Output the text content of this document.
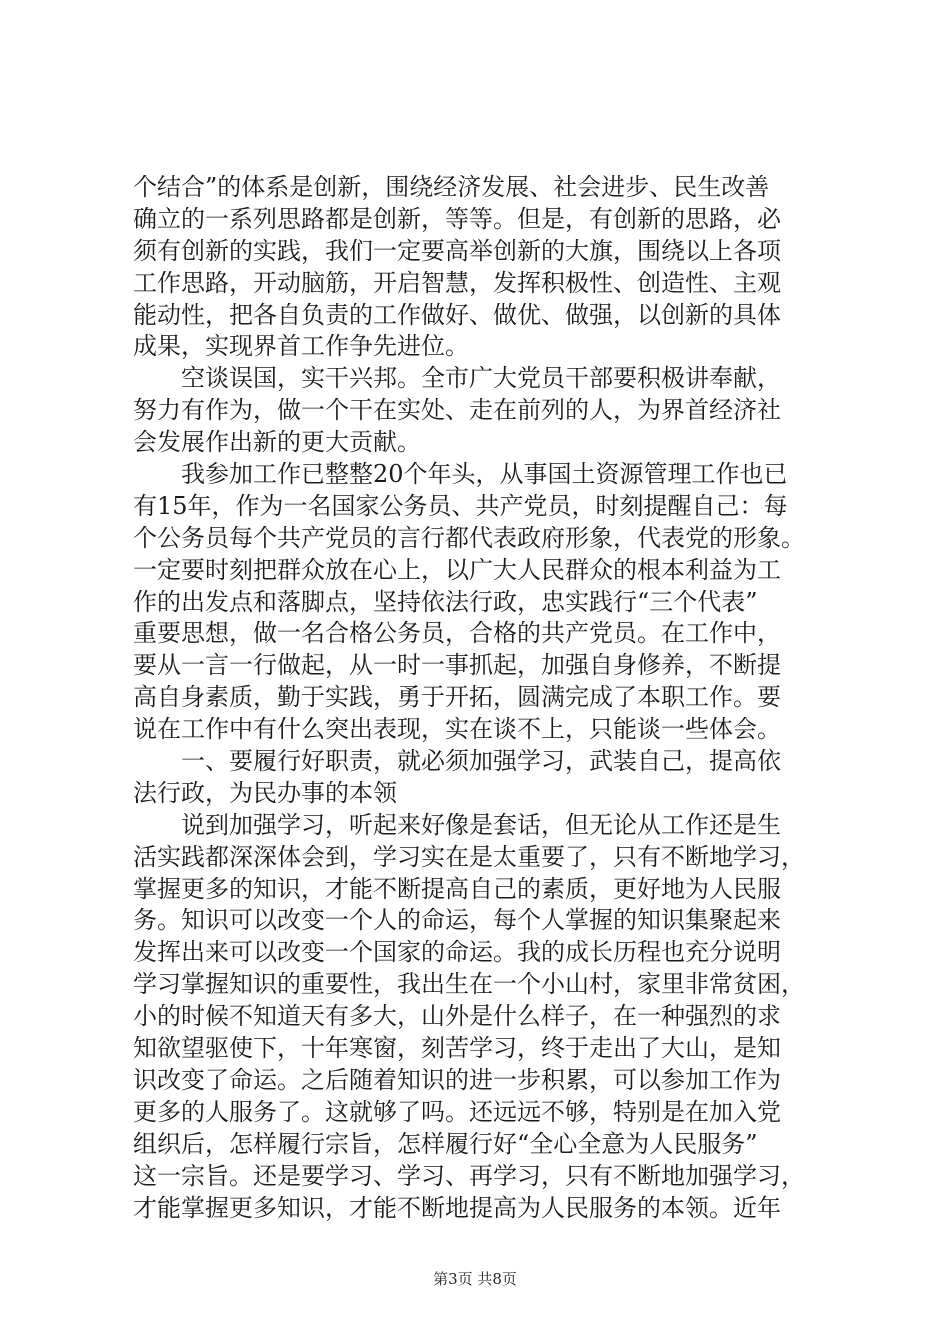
个结合”的体系是创新，围绕经济发展、社会进步、民生改善
确立的一系列思路都是创新，等等。但是，有创新的思路，必
须有创新的实践，我们一定要高举创新的大旗，围绕以上各项
工作思路，开动脑筋，开启智慧，发挥积极性、创造性、主观
能动性，把各自负责的工作做好、做优、做强，以创新的具体
成果，实现界首工作争先进位。
　　空谈误国，实干兴邦。全市广大党员干部要积极讲奉献，
努力有作为，做一个干在实处、走在前列的人，为界首经济社
会发展作出新的更大贡献。
　　我参加工作已整整20个年头，从事国土资源管理工作也已
有15年，作为一名国家公务员、共产党员，时刻提醒自己：每
个公务员每个共产党员的言行都代表政府形象，代表党的形象。
一定要时刻把群众放在心上，以广大人民群众的根本利益为工
作的出发点和落脚点，坚持依法行政，忠实践行“三个代表”
重要思想，做一名合格公务员，合格的共产党员。在工作中，
要从一言一行做起，从一时一事抓起，加强自身修养，不断提
高自身素质，勤于实践，勇于开拓，圆满完成了本职工作。要
说在工作中有什么突出表现，实在谈不上，只能谈一些体会。
　　一、要履行好职责，就必须加强学习，武装自己，提高依
法行政，为民办事的本领
　　说到加强学习，听起来好像是套话，但无论从工作还是生
活实践都深深体会到，学习实在是太重要了，只有不断地学习，
掌握更多的知识，才能不断提高自己的素质，更好地为人民服
务。知识可以改变一个人的命运，每个人掌握的知识集聚起来
发挥出来可以改变一个国家的命运。我的成长历程也充分说明
学习掌握知识的重要性，我出生在一个小山村，家里非常贫困，
小的时候不知道天有多大，山外是什么样子，在一种强烈的求
知欲望驱使下，十年寒窗，刻苦学习，终于走出了大山，是知
识改变了命运。之后随着知识的进一步积累，可以参加工作为
更多的人服务了。这就够了吗。还远远不够，特别是在加入党
组织后，怎样履行宗旨，怎样履行好“全心全意为人民服务”
这一宗旨。还是要学习、学习、再学习，只有不断地加强学习，
才能掌握更多知识，才能不断地提高为人民服务的本领。近年
第3页 共8页
